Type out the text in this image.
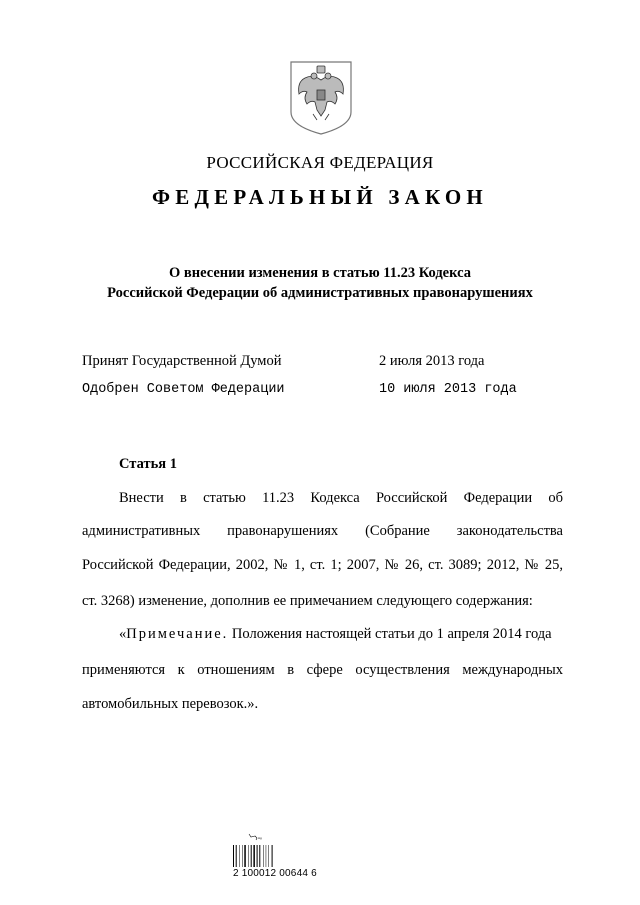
РОССИЙСКАЯ ФЕДЕРАЦИЯ
ФЕДЕРАЛЬНЫЙ ЗАКОН
О внесении изменения в статью 11.23 Кодекса
Российской Федерации об административных правонарушениях
Принят Государственной Думой	2 июля 2013 года
Одобрен Советом Федерации	10 июля 2013 года
Статья 1
Внести в статью 11.23 Кодекса Российской Федерации об
административных правонарушениях (Собрание законодательства
Российской Федерации, 2002, № 1, ст. 1; 2007, № 26, ст. 3089; 2012, № 25,
ст. 3268) изменение, дополнив ее примечанием следующего содержания:
«Примечание. Положения настоящей статьи до 1 апреля 2014 года
применяются к отношениям в сфере осуществления международных
автомобильных перевозок.».
Ag
2 100012 00644 6
